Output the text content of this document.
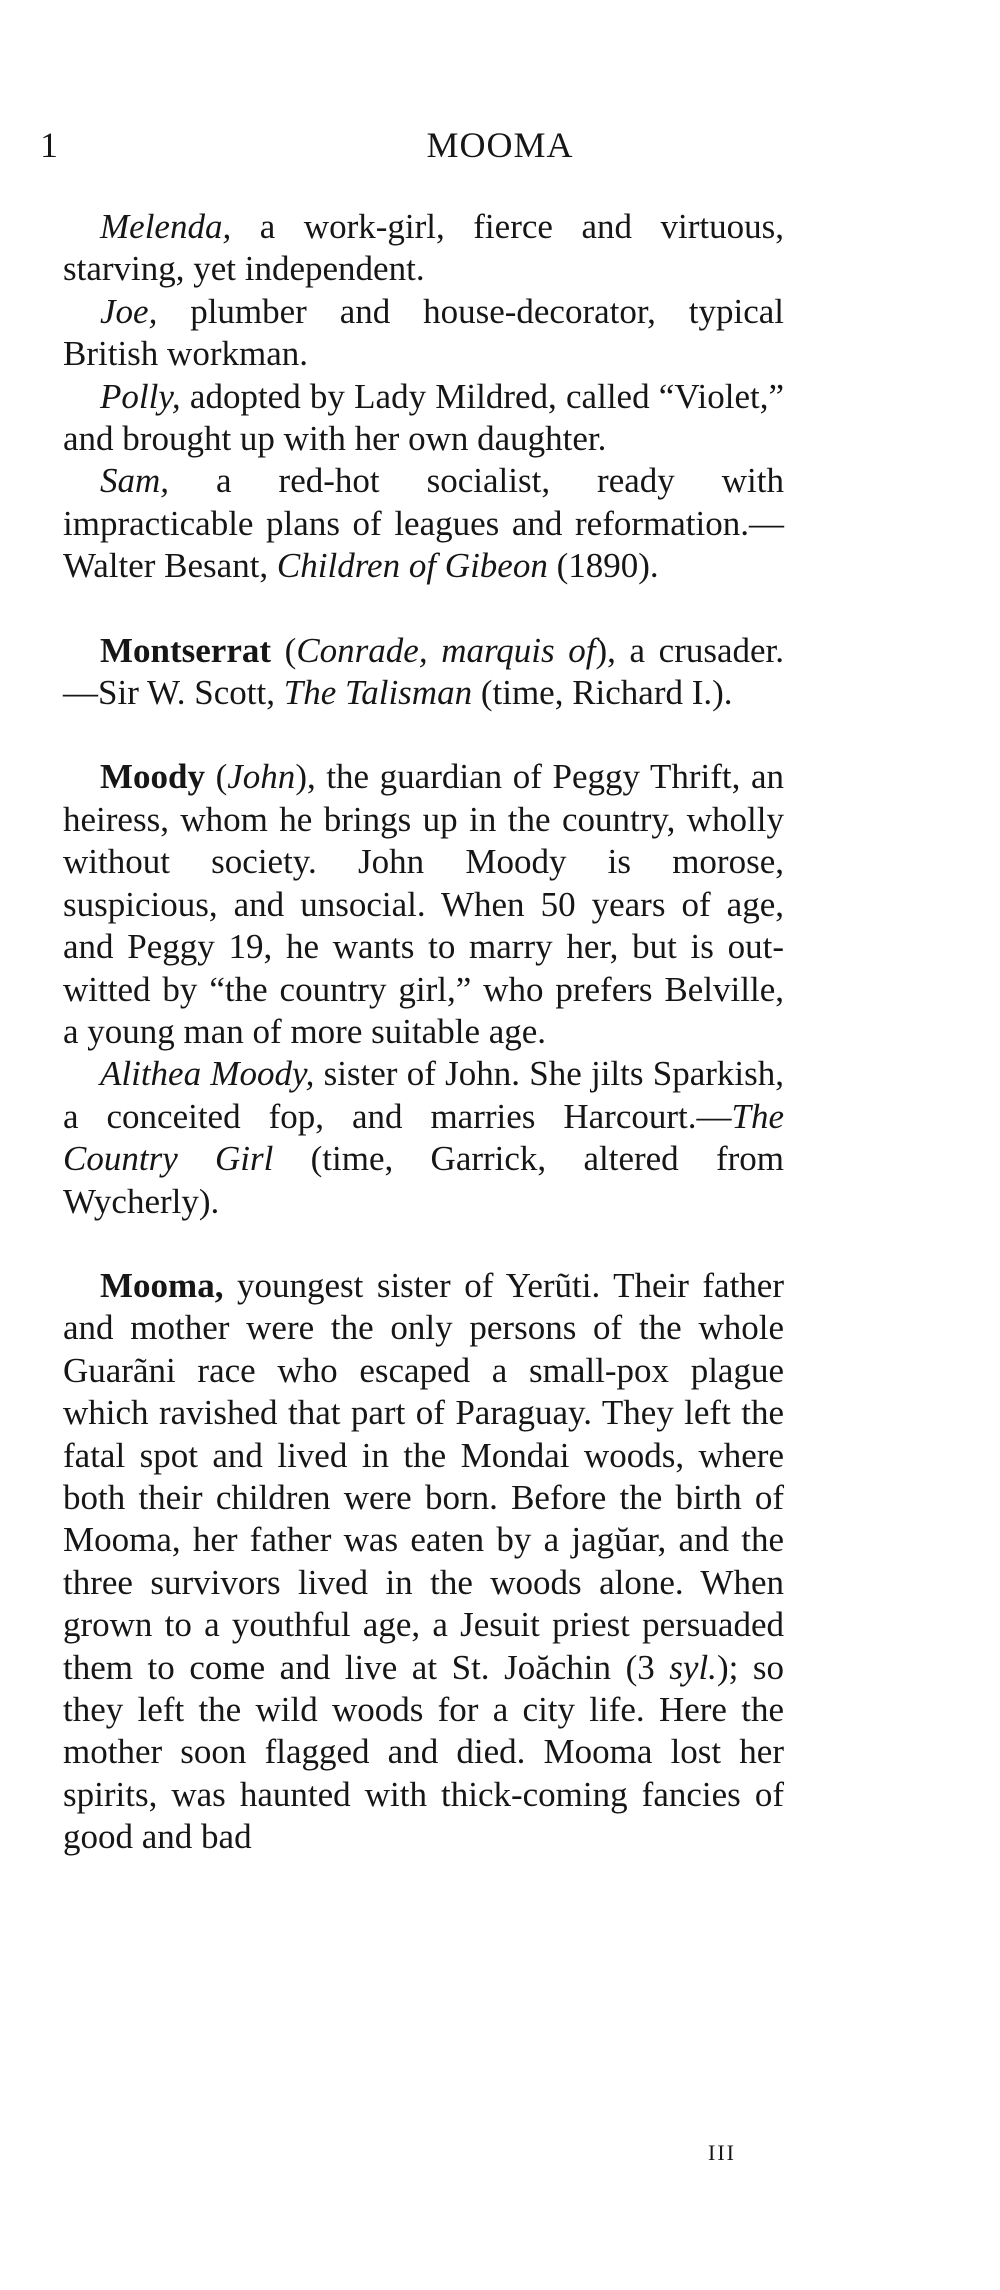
1	MOOMA

Melenda, a work-girl, fierce and virtuous, starving, yet independent.

Joe, plumber and house-decorator, typical British workman.

Polly, adopted by Lady Mildred, called “Violet,” and brought up with her own daughter.

Sam, a red-hot socialist, ready with impracticable plans of leagues and reformation.—Walter Besant, Children of Gibeon (1890).

Montserrat (Conrade, marquis of), a crusader.—Sir W. Scott, The Talisman (time, Richard I.).

Moody (John), the guardian of Peggy Thrift, an heiress, whom he brings up in the country, wholly without society. John Moody is morose, suspicious, and unsocial. When 50 years of age, and Peggy 19, he wants to marry her, but is out-witted by “the country girl,” who prefers Belville, a young man of more suitable age.

Alithea Moody, sister of John. She jilts Sparkish, a conceited fop, and marries Harcourt.—The Country Girl (time, Garrick, altered from Wycherly).

Mooma, youngest sister of Yerũti. Their father and mother were the only persons of the whole Guarãni race who escaped a small-pox plague which ravished that part of Paraguay. They left the fatal spot and lived in the Mondai woods, where both their children were born. Before the birth of Mooma, her father was eaten by a jagŭar, and the three survivors lived in the woods alone. When grown to a youthful age, a Jesuit priest persuaded them to come and live at St. Joăchin (3 syl.); so they left the wild woods for a city life. Here the mother soon flagged and died. Mooma lost her spirits, was haunted with thick-coming fancies of good and bad

III
